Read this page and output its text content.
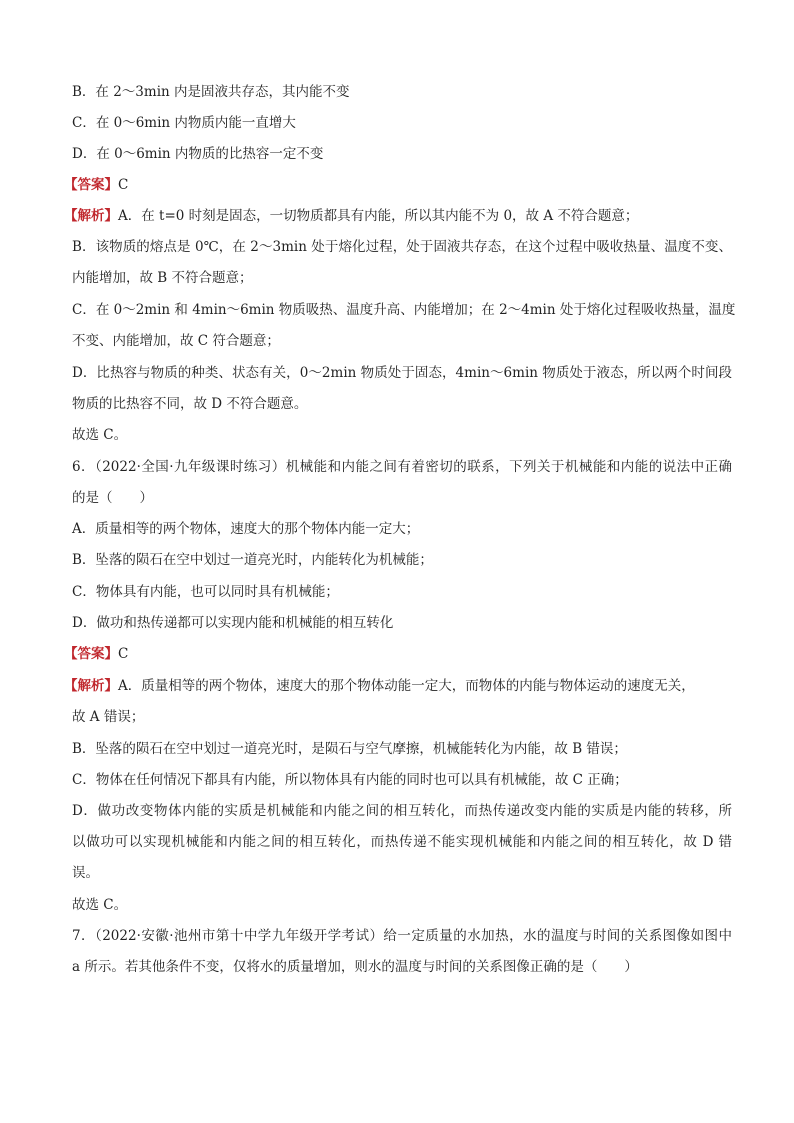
B．在 2～3min 内是固液共存态，其内能不变
C．在 0～6min 内物质内能一直增大
D．在 0～6min 内物质的比热容一定不变
【答案】C
【解析】A．在 t=0 时刻是固态，一切物质都具有内能，所以其内能不为 0，故 A 不符合题意；
B．该物质的熔点是 0℃，在 2～3min 处于熔化过程，处于固液共存态，在这个过程中吸收热量、温度不变、
内能增加，故 B 不符合题意；
C．在 0～2min 和 4min～6min 物质吸热、温度升高、内能增加；在 2～4min 处于熔化过程吸收热量，温度
不变、内能增加，故 C 符合题意；
D．比热容与物质的种类、状态有关，0～2min 物质处于固态，4min～6min 物质处于液态，所以两个时间段
物质的比热容不同，故 D 不符合题意。
故选 C。
6．（2022·全国·九年级课时练习）机械能和内能之间有着密切的联系，下列关于机械能和内能的说法中正确
的是（　　）
A．质量相等的两个物体，速度大的那个物体内能一定大；
B．坠落的陨石在空中划过一道亮光时，内能转化为机械能；
C．物体具有内能，也可以同时具有机械能；
D．做功和热传递都可以实现内能和机械能的相互转化
【答案】C
【解析】A．质量相等的两个物体，速度大的那个物体动能一定大，而物体的内能与物体运动的速度无关，
故 A 错误；
B．坠落的陨石在空中划过一道亮光时，是陨石与空气摩擦，机械能转化为内能，故 B 错误；
C．物体在任何情况下都具有内能，所以物体具有内能的同时也可以具有机械能，故 C 正确；
D．做功改变物体内能的实质是机械能和内能之间的相互转化，而热传递改变内能的实质是内能的转移，所
以做功可以实现机械能和内能之间的相互转化，而热传递不能实现机械能和内能之间的相互转化，故 D 错
误。
故选 C。
7．（2022·安徽·池州市第十中学九年级开学考试）给一定质量的水加热，水的温度与时间的关系图像如图中
a 所示。若其他条件不变，仅将水的质量增加，则水的温度与时间的关系图像正确的是（　　）
